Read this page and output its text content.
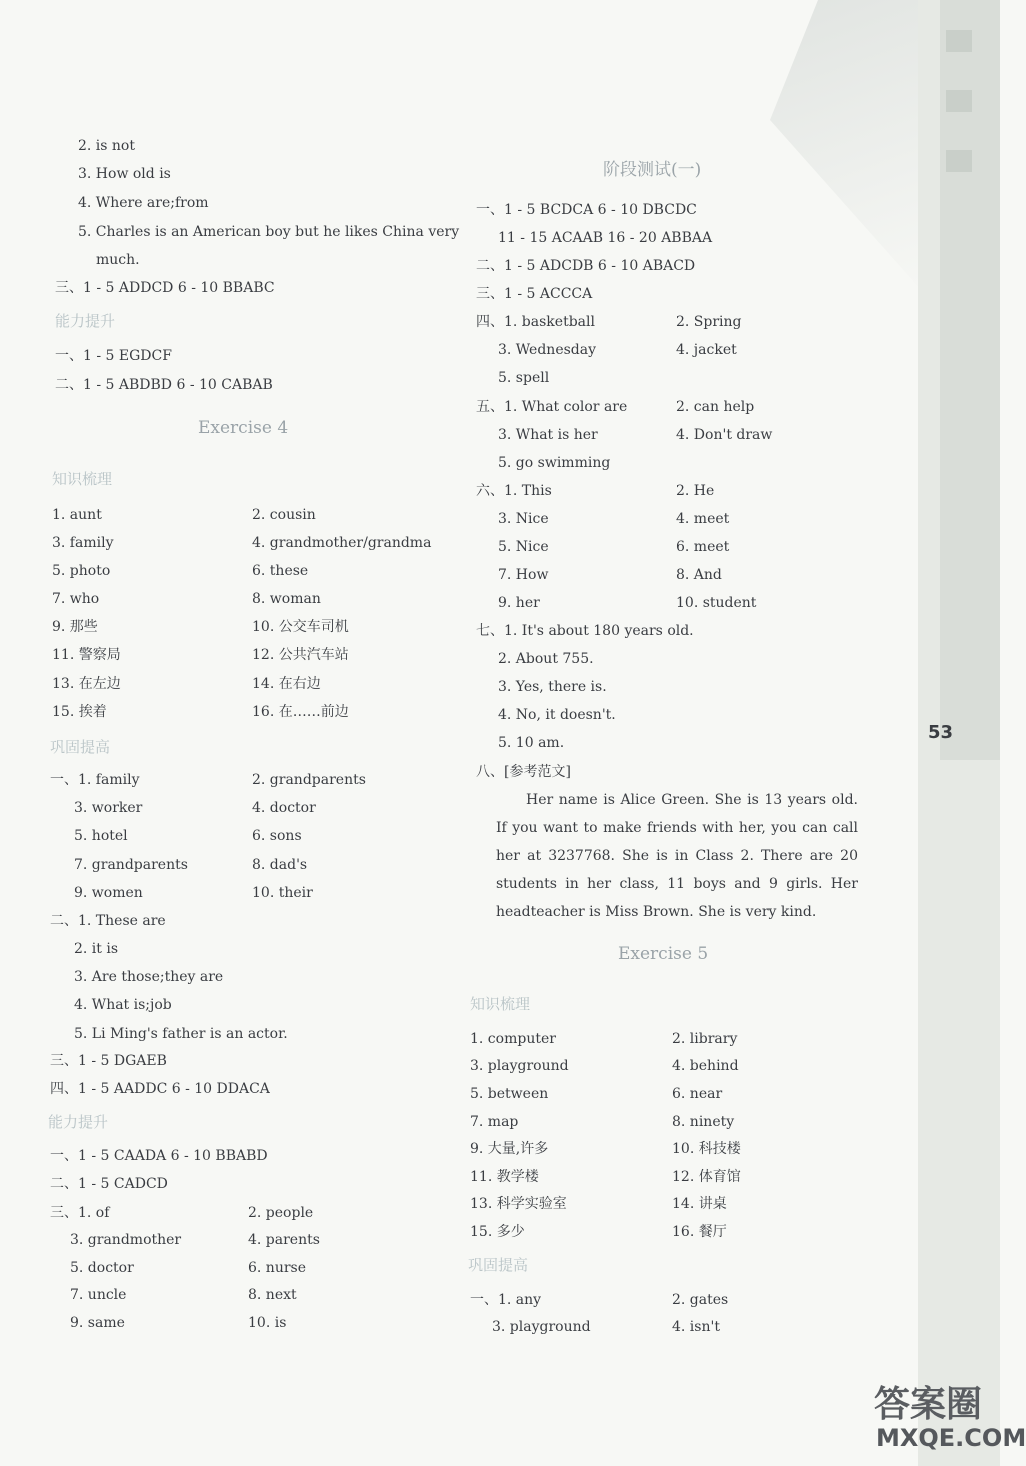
53
2. is not
3. How old is
4. Where are;from
5. Charles is an American boy but he likes China very
much.
三、1 - 5 ADDCD 6 - 10 BBABC
能力提升
一、1 - 5 EGDCF
二、1 - 5 ABDBD 6 - 10 CABAB
Exercise 4
知识梳理
1. aunt	2. cousin
3. family	4. grandmother/grandma
5. photo	6. these
7. who	8. woman
9. 那些	10. 公交车司机
11. 警察局	12. 公共汽车站
13. 在左边	14. 在右边
15. 挨着	16. 在……前边
巩固提高
一、1. family	2. grandparents
3. worker	4. doctor
5. hotel	6. sons
7. grandparents	8. dad's
9. women	10. their
二、1. These are
2. it is
3. Are those;they are
4. What is;job
5. Li Ming's father is an actor.
三、1 - 5 DGAEB
四、1 - 5 AADDC 6 - 10 DDACA
能力提升
一、1 - 5 CAADA 6 - 10 BBABD
二、1 - 5 CADCD
三、1. of	2. people
3. grandmother	4. parents
5. doctor	6. nurse
7. uncle	8. next
9. same	10. is
阶段测试(一)
一、1 - 5 BCDCA 6 - 10 DBCDC
11 - 15 ACAAB 16 - 20 ABBAA
二、1 - 5 ADCDB 6 - 10 ABACD
三、1 - 5 ACCCA
四、1. basketball	2. Spring
3. Wednesday	4. jacket
5. spell
五、1. What color are	2. can help
3. What is her	4. Don't draw
5. go swimming
六、1. This	2. He
3. Nice	4. meet
5. Nice	6. meet
7. How	8. And
9. her	10. student
七、1. It's about 180 years old.
2. About 755.
3. Yes, there is.
4. No, it doesn't.
5. 10 am.
八、[参考范文]
Her name is Alice Green. She is 13 years old. If you want to make friends with her, you can call her at 3237768. She is in Class 2. There are 20 students in her class, 11 boys and 9 girls. Her headteacher is Miss Brown. She is very kind.
Exercise 5
知识梳理
1. computer	2. library
3. playground	4. behind
5. between	6. near
7. map	8. ninety
9. 大量,许多	10. 科技楼
11. 教学楼	12. 体育馆
13. 科学实验室	14. 讲桌
15. 多少	16. 餐厅
巩固提高
一、1. any	2. gates
3. playground	4. isn't
答案圈
MXQE.COM
